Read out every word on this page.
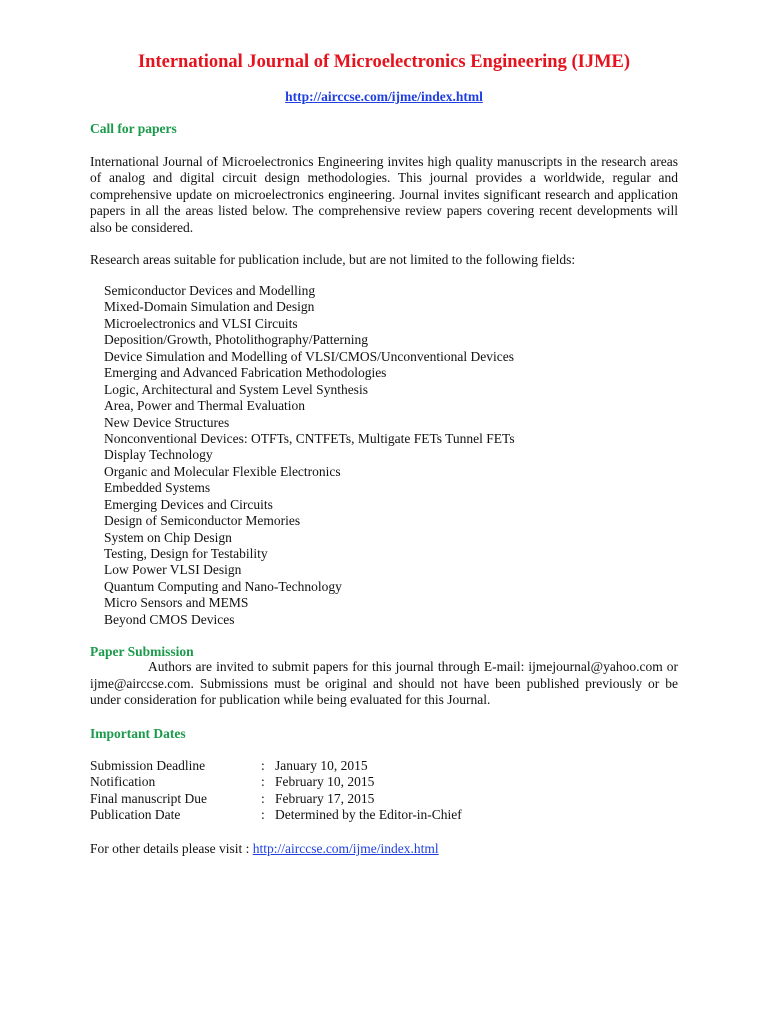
International Journal of Microelectronics Engineering (IJME)
http://airccse.com/ijme/index.html
Call for papers
International Journal of Microelectronics Engineering invites high quality manuscripts in the research areas of analog and digital circuit design methodologies. This journal provides a worldwide, regular and comprehensive update on microelectronics engineering. Journal invites significant research and application papers in all the areas listed below. The comprehensive review papers covering recent developments will also be considered.
Research areas suitable for publication include, but are not limited to the following fields:
Semiconductor Devices and Modelling
Mixed-Domain Simulation and Design
Microelectronics and VLSI Circuits
Deposition/Growth, Photolithography/Patterning
Device Simulation and Modelling of VLSI/CMOS/Unconventional Devices
Emerging and Advanced Fabrication Methodologies
Logic, Architectural and System Level Synthesis
Area, Power and Thermal Evaluation
New Device Structures
Nonconventional Devices: OTFTs, CNTFETs, Multigate FETs Tunnel FETs
Display Technology
Organic and Molecular Flexible Electronics
Embedded Systems
Emerging Devices and Circuits
Design of Semiconductor Memories
System on Chip Design
Testing, Design for Testability
Low Power VLSI Design
Quantum Computing and Nano-Technology
Micro Sensors and MEMS
Beyond CMOS Devices
Paper Submission
Authors are invited to submit papers for this journal through E-mail: ijmejournal@yahoo.com or ijme@airccse.com. Submissions must be original and should not have been published previously or be under consideration for publication while being evaluated for this Journal.
Important Dates
Submission Deadline	: January 10, 2015
Notification	: February 10, 2015
Final manuscript Due	: February 17, 2015
Publication Date	: Determined by the Editor-in-Chief
For other details please visit : http://airccse.com/ijme/index.html
